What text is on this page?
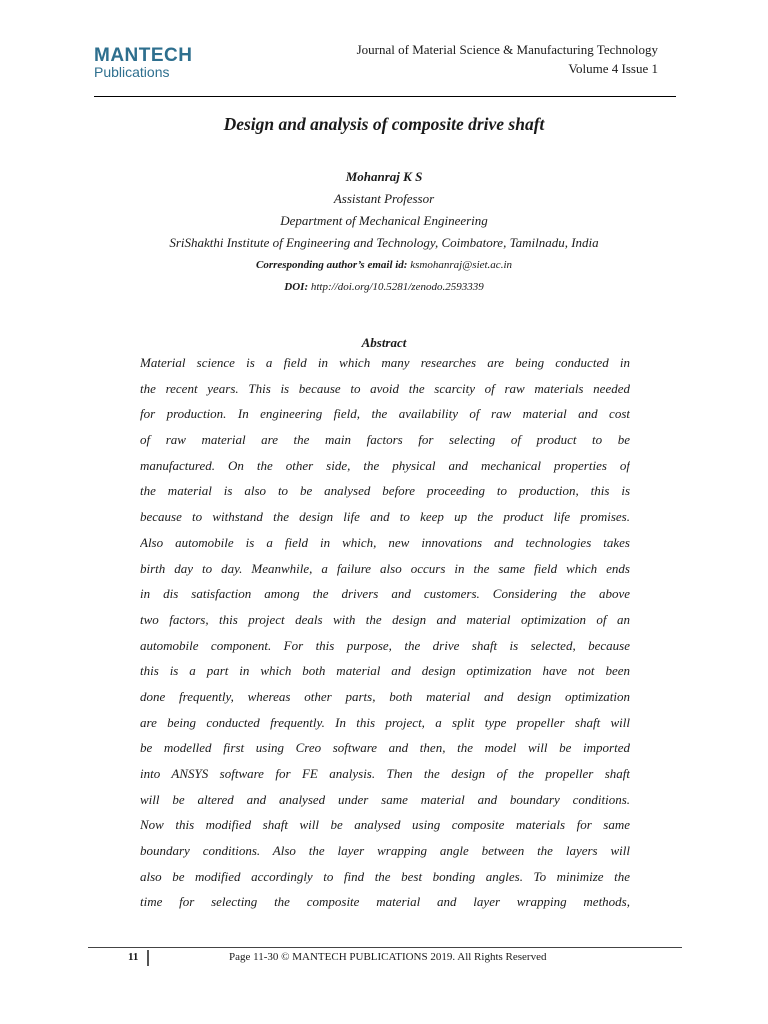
MANTECH
Publications
Journal of Material Science & Manufacturing Technology
Volume 4 Issue 1
Design and analysis of composite drive shaft
Mohanraj K S
Assistant Professor
Department of Mechanical Engineering
SriShakthi Institute of Engineering and Technology, Coimbatore, Tamilnadu, India
Corresponding author’s email id: ksmohanraj@siet.ac.in
DOI: http://doi.org/10.5281/zenodo.2593339
Abstract
Material science is a field in which many researches are being conducted in
the recent years. This is because to avoid the scarcity of raw materials needed
for production. In engineering field, the availability of raw material and cost
of raw material are the main factors for selecting of product to be
manufactured. On the other side, the physical and mechanical properties of
the material is also to be analysed before proceeding to production, this is
because to withstand the design life and to keep up the product life promises.
Also automobile is a field in which, new innovations and technologies takes
birth day to day. Meanwhile, a failure also occurs in the same field which ends
in dis satisfaction among the drivers and customers. Considering the above
two factors, this project deals with the design and material optimization of an
automobile component. For this purpose, the drive shaft is selected, because
this is a part in which both material and design optimization have not been
done frequently, whereas other parts, both material and design optimization
are being conducted frequently. In this project, a split type propeller shaft will
be modelled first using Creo software and then, the model will be imported
into ANSYS software for FE analysis. Then the design of the propeller shaft
will be altered and analysed under same material and boundary conditions.
Now this modified shaft will be analysed using composite materials for same
boundary conditions. Also the layer wrapping angle between the layers will
also be modified accordingly to find the best bonding angles. To minimize the
time for selecting the composite material and layer wrapping methods,
11	Page 11-30 © MANTECH PUBLICATIONS 2019. All Rights Reserved
